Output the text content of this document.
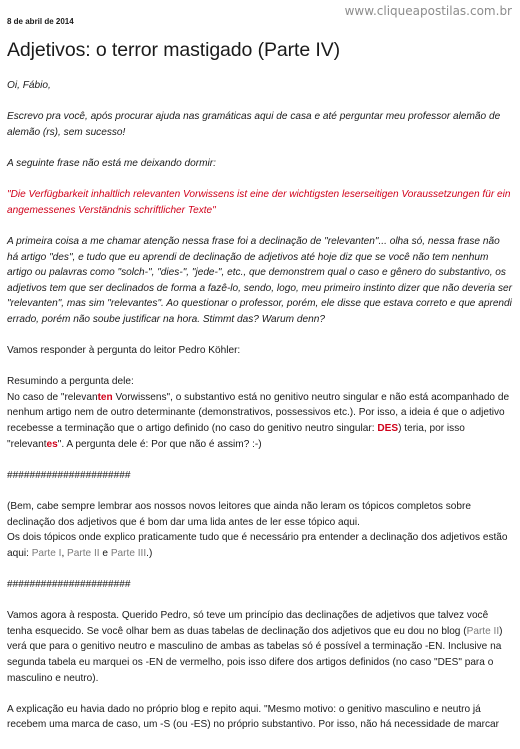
www.cliqueapostilas.com.br
8 de abril de 2014
Adjetivos: o terror mastigado (Parte IV)

Oi, Fábio,

Escrevo pra você, após procurar ajuda nas gramáticas aqui de casa e até perguntar meu professor alemão de alemão (rs), sem sucesso!

A seguinte frase não está me deixando dormir:

"Die Verfügbarkeit inhaltlich relevanten Vorwissens ist eine der wichtigsten leserseitigen Voraussetzungen für ein angemessenes Verständnis schriftlicher Texte"

A primeira coisa a me chamar atenção nessa frase foi a declinação de "relevanten"... olha só, nessa frase não há artigo "des", e tudo que eu aprendi de declinação de adjetivos até hoje diz que se você não tem nenhum artigo ou palavras como "solch-", "dies-", "jede-", etc., que demonstrem qual o caso e gênero do substantivo, os adjetivos tem que ser declinados de forma a fazê-lo, sendo, logo, meu primeiro instinto dizer que não deveria ser "relevanten", mas sim "relevantes". Ao questionar o professor, porém, ele disse que estava correto e que aprendi errado, porém não soube justificar na hora. Stimmt das? Warum denn?

Vamos responder à pergunta do leitor Pedro Köhler:

Resumindo a pergunta dele:
No caso de "relevanten Vorwissens", o substantivo está no genitivo neutro singular e não está acompanhado de nenhum artigo nem de outro determinante (demonstrativos, possessivos etc.). Por isso, a ideia é que o adjetivo recebesse a terminação que o artigo definido (no caso do genitivo neutro singular: DES) teria, por isso "relevantes". A pergunta dele é: Por que não é assim? :-)

######################

(Bem, cabe sempre lembrar aos nossos novos leitores que ainda não leram os tópicos completos sobre declinação dos adjetivos que é bom dar uma lida antes de ler esse tópico aqui.
Os dois tópicos onde explico praticamente tudo que é necessário pra entender a declinação dos adjetivos estão aqui: Parte I, Parte II e Parte III.)

######################

Vamos agora à resposta. Querido Pedro, só teve um princípio das declinações de adjetivos que talvez você tenha esquecido. Se você olhar bem as duas tabelas de declinação dos adjetivos que eu dou no blog (Parte II) verá que para o genitivo neutro e masculino de ambas as tabelas só é possível a terminação -EN. Inclusive na segunda tabela eu marquei os -EN de vermelho, pois isso difere dos artigos definidos (no caso "DES" para o masculino e neutro).

A explicação eu havia dado no próprio blog e repito aqui. "Mesmo motivo: o genitivo masculino e neutro já recebem uma marca de caso, um -S (ou -ES) no próprio substantivo. Por isso, não há necessidade de marcar
